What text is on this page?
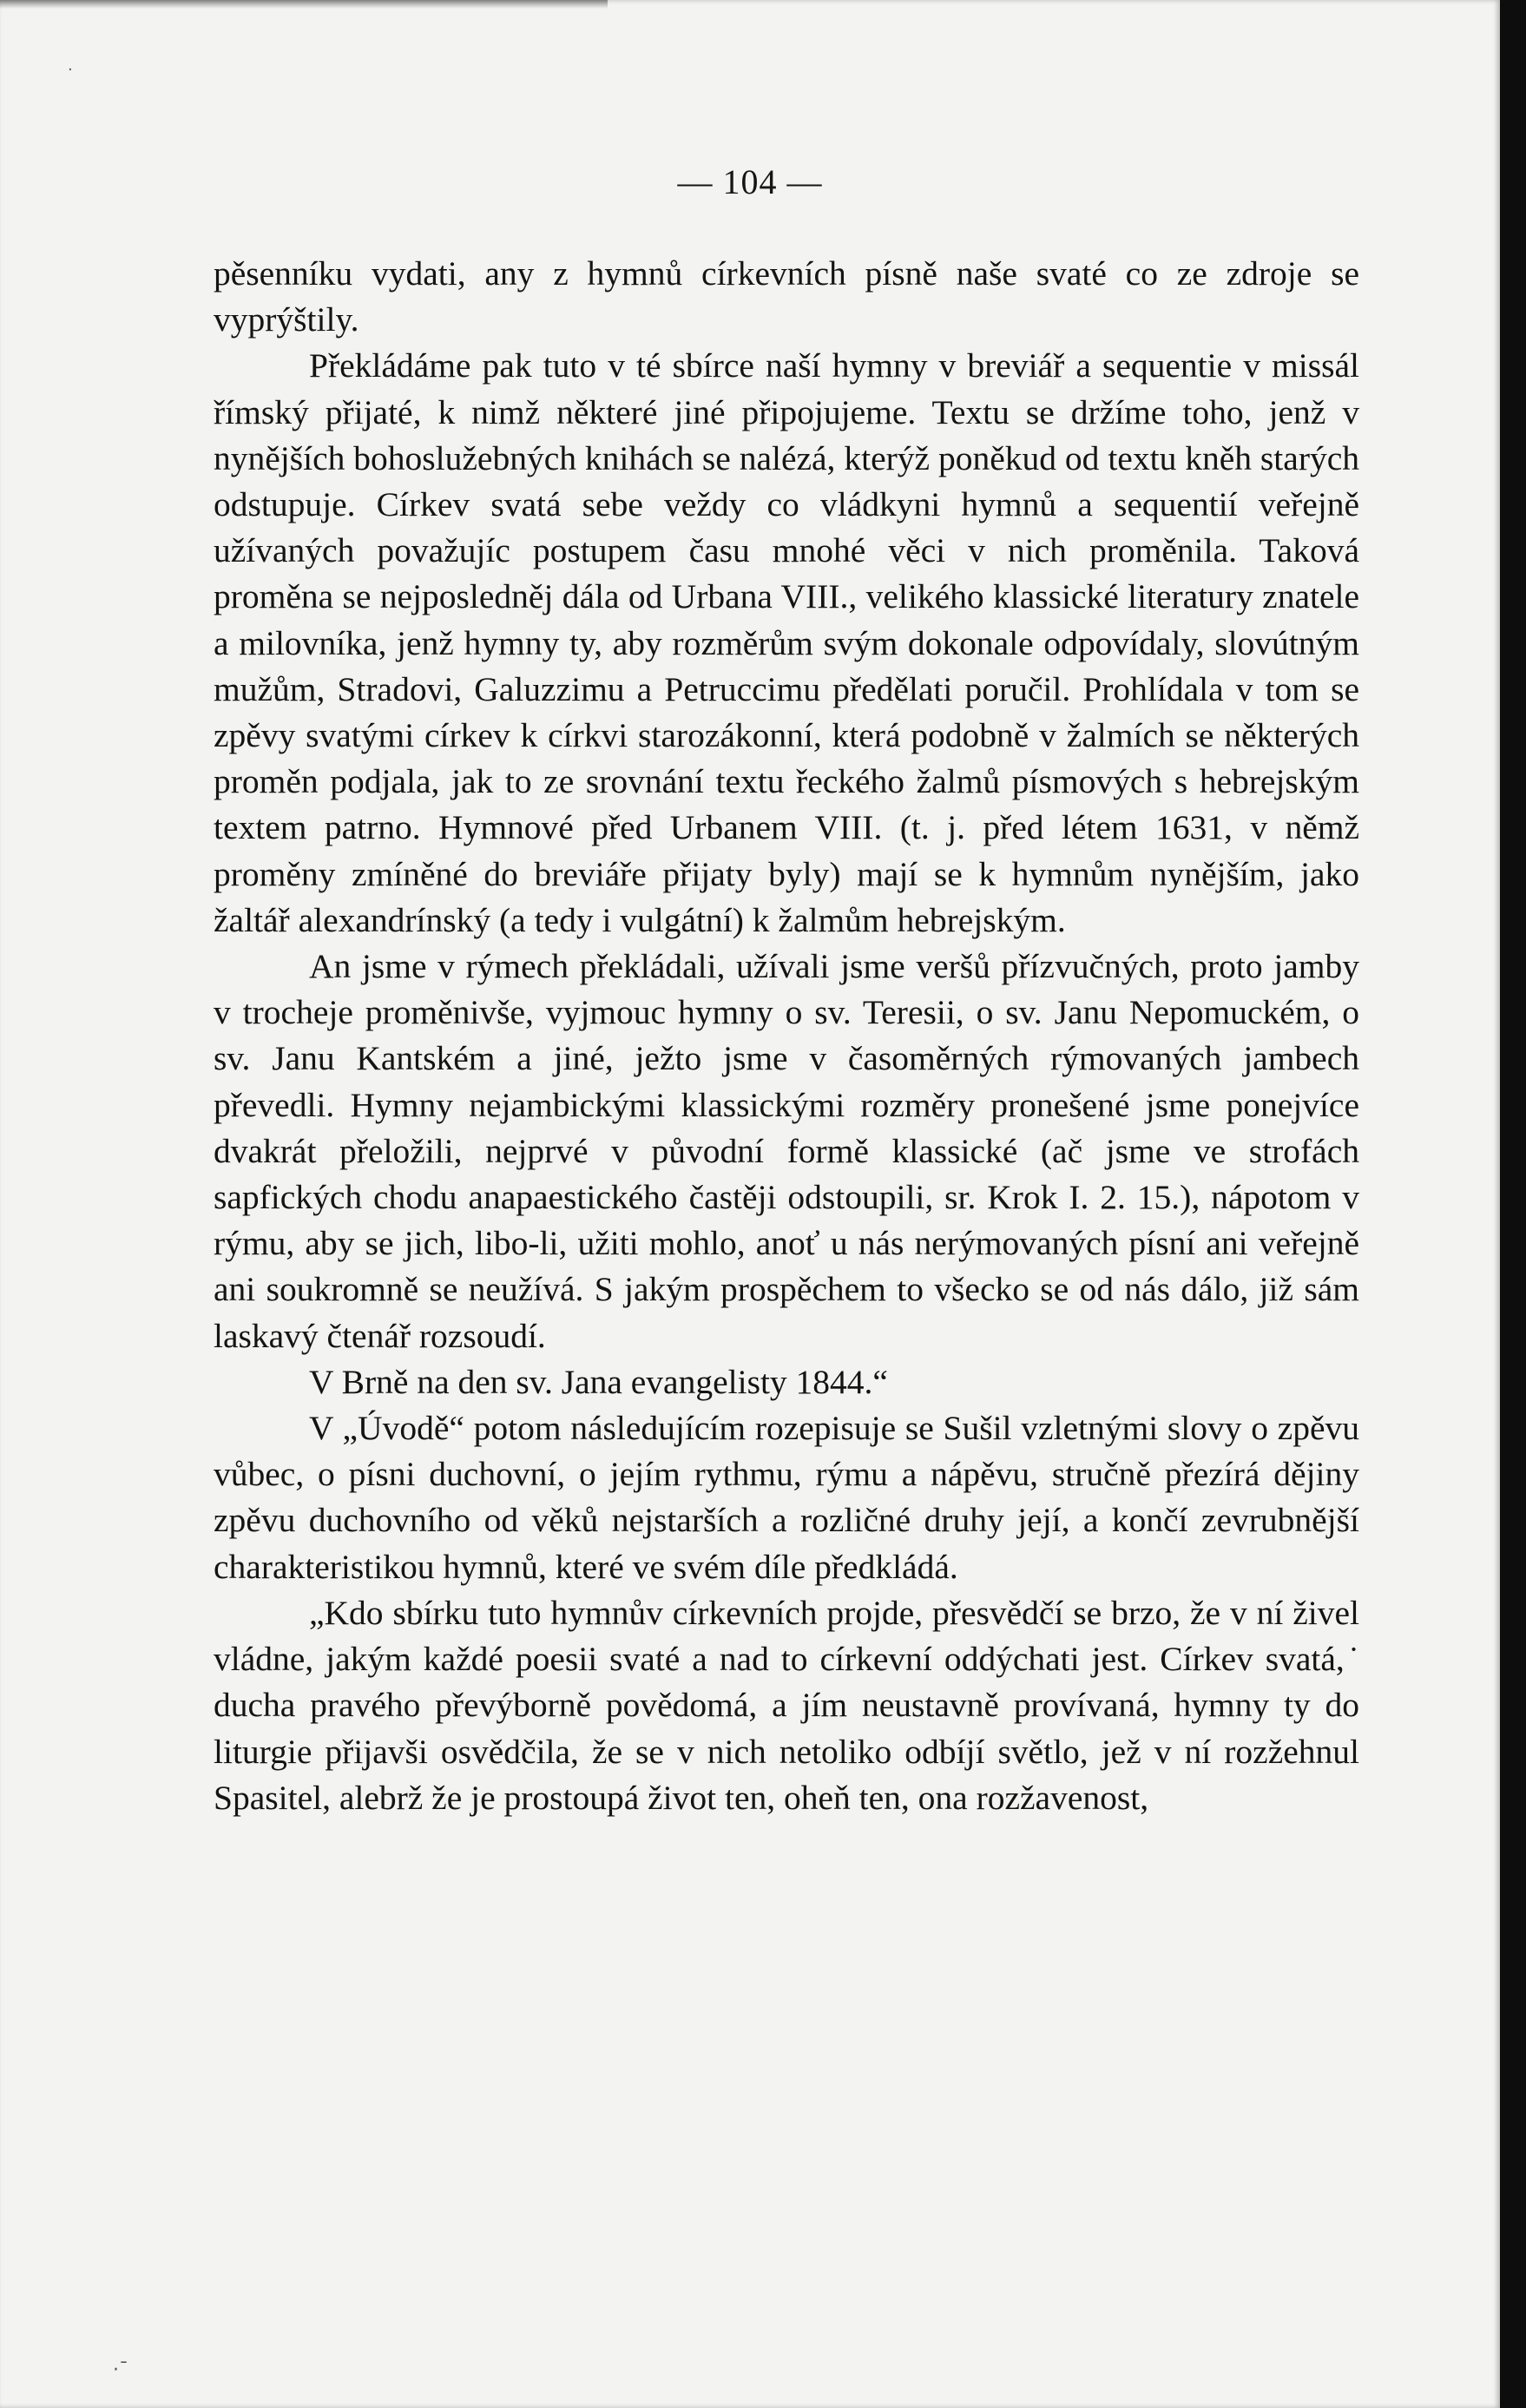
·
— 104 —

pěsenníku vydati, any z hymnů církevních písně naše svaté co ze zdroje se vyprýštily.

Překládáme pak tuto v té sbírce naší hymny v breviář a sequentie v missál římský přijaté, k nimž některé jiné připojujeme. Textu se držíme toho, jenž v nynějších bohoslužebných knihách se nalézá, kterýž poněkud od textu kněh starých odstupuje. Církev svatá sebe veždy co vládkyni hymnů a sequentií veřejně užívaných považujíc postupem času mnohé věci v nich proměnila. Taková proměna se nejposledněj dála od Urbana VIII., velikého klassické literatury znatele a milovníka, jenž hymny ty, aby rozměrům svým dokonale odpovídaly, slovútným mužům, Stradovi, Galuzzimu a Petruccimu předělati poručil. Prohlídala v tom se zpěvy svatými církev k církvi starozákonní, která podobně v žalmích se některých proměn podjala, jak to ze srovnání textu řeckého žalmů písmových s hebrejským textem patrno. Hymnové před Urbanem VIII. (t. j. před létem 1631, v němž proměny zmíněné do breviáře přijaty byly) mají se k hymnům nynějším, jako žaltář alexandrínský (a tedy i vulgátní) k žalmům hebrejským.

An jsme v rýmech překládali, užívali jsme veršů přízvučných, proto jamby v trocheje proměnivše, vyjmouc hymny o sv. Teresii, o sv. Janu Nepomuckém, o sv. Janu Kantském a jiné, ježto jsme v časoměrných rýmovaných jambech převedli. Hymny nejambickými klassickými rozměry pronešené jsme ponejvíce dvakrát přeložili, nejprvé v původní formě klassické (ač jsme ve strofách sapfických chodu anapaestického častěji odstoupili, sr. Krok I. 2. 15.), nápotom v rýmu, aby se jich, libo-li, užiti mohlo, anoť u nás nerýmovaných písní ani veřejně ani soukromně se neužívá. S jakým prospěchem to všecko se od nás dálo, již sám laskavý čtenář rozsoudí.

V Brně na den sv. Jana evangelisty 1844.“

V „Úvodě“ potom následujícím rozepisuje se Sušil vzletnými slovy o zpěvu vůbec, o písni duchovní, o jejím rythmu, rýmu a nápěvu, stručně přezírá dějiny zpěvu duchovního od věků nejstarších a rozličné druhy její, a končí zevrubnější charakteristikou hymnů, které ve svém díle předkládá.

„Kdo sbírku tuto hymnův církevních projde, přesvědčí se brzo, že v ní živel vládne, jakým každé poesii svaté a nad to církevní oddýchati jest. Církev svatá,˙ ducha pravého převýborně povědomá, a jím neustavně provívaná, hymny ty do liturgie přijavši osvědčila, že se v nich netoliko odbíjí světlo, jež v ní rozžehnul Spasitel, alebrž že je prostoupá život ten, oheň ten, ona rozžavenost,

·ˉ
